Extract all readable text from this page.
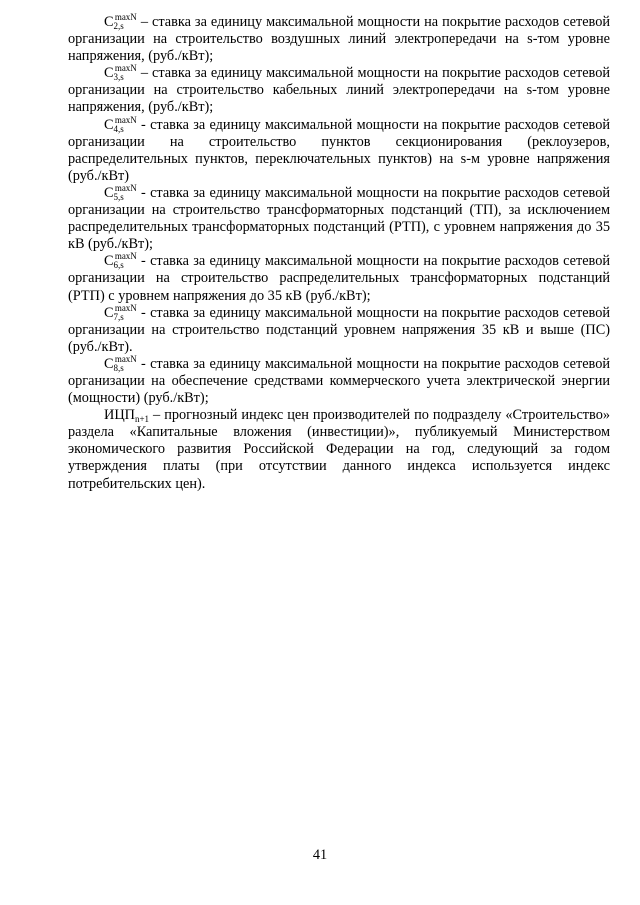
$С_{2,s}^{maxN}$ – ставка за единицу максимальной мощности на покрытие расходов сетевой организации на строительство воздушных линий электропередачи на s-том уровне напряжения, (руб./кВт);

$С_{3,s}^{maxN}$ – ставка за единицу максимальной мощности на покрытие расходов сетевой организации на строительство кабельных линий электропередачи на s-том уровне напряжения, (руб./кВт);

$С_{4,s}^{maxN}$ - ставка за единицу максимальной мощности на покрытие расходов сетевой организации на строительство пунктов секционирования (реклоузеров, распределительных пунктов, переключательных пунктов) на s-м уровне напряжения (руб./кВт)

$С_{5,s}^{maxN}$ - ставка за единицу максимальной мощности на покрытие расходов сетевой организации на строительство трансформаторных подстанций (ТП), за исключением распределительных трансформаторных подстанций (РТП), с уровнем напряжения до 35 кВ (руб./кВт);

$С_{6,s}^{maxN}$ - ставка за единицу максимальной мощности на покрытие расходов сетевой организации на строительство распределительных трансформаторных подстанций (РТП) с уровнем напряжения до 35 кВ (руб./кВт);

$С_{7,s}^{maxN}$ - ставка за единицу максимальной мощности на покрытие расходов сетевой организации на строительство подстанций уровнем напряжения 35 кВ и выше (ПС) (руб./кВт).

$С_{8,s}^{maxN}$ - ставка за единицу максимальной мощности на покрытие расходов сетевой организации на обеспечение средствами коммерческого учета электрической энергии (мощности) (руб./кВт);

$ИЦП_{n+1}$ – прогнозный индекс цен производителей по подразделу «Строительство» раздела «Капитальные вложения (инвестиции)», публикуемый Министерством экономического развития Российской Федерации на год, следующий за годом утверждения платы (при отсутствии данного индекса используется индекс потребительских цен).

41
